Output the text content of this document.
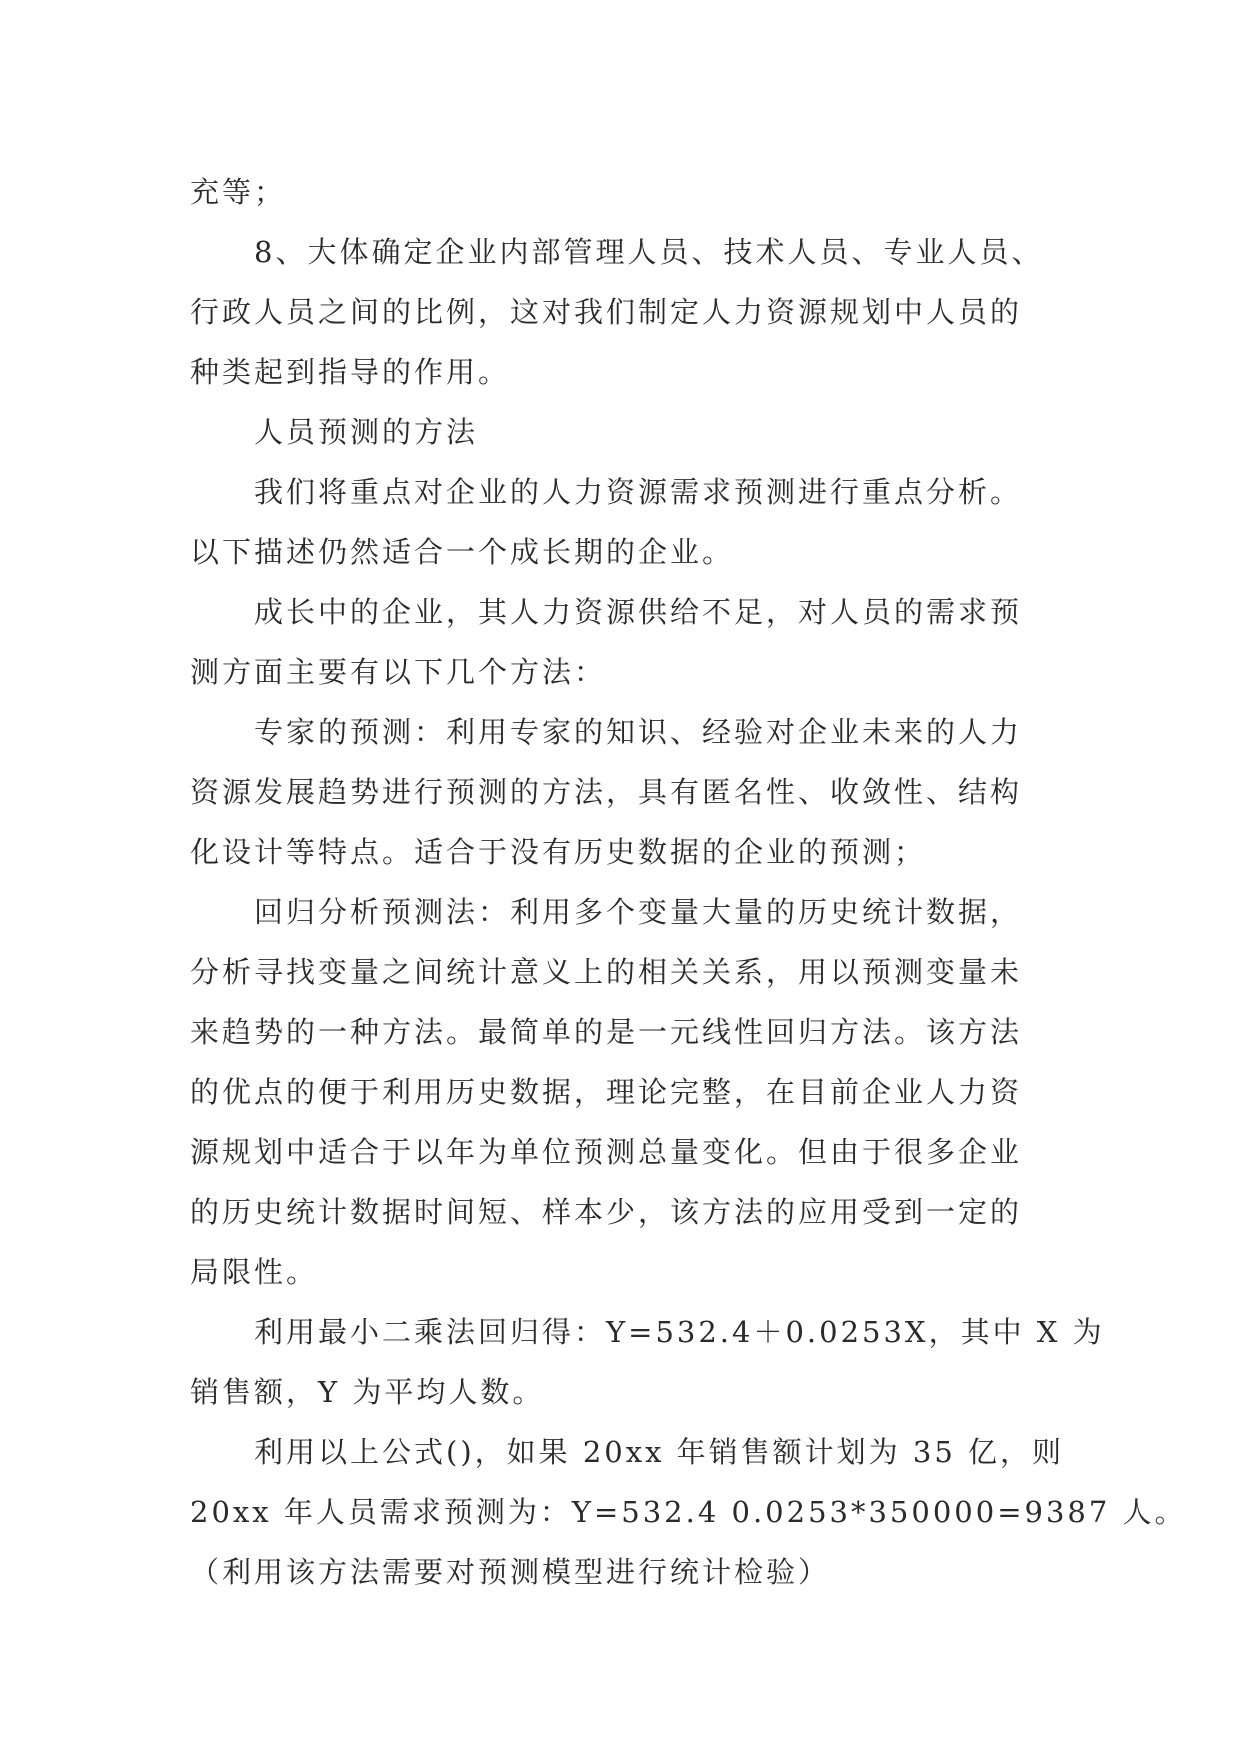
充等；
8、大体确定企业内部管理人员、技术人员、专业人员、
行政人员之间的比例，这对我们制定人力资源规划中人员的
种类起到指导的作用。
人员预测的方法
我们将重点对企业的人力资源需求预测进行重点分析。
以下描述仍然适合一个成长期的企业。
成长中的企业，其人力资源供给不足，对人员的需求预
测方面主要有以下几个方法：
专家的预测：利用专家的知识、经验对企业未来的人力
资源发展趋势进行预测的方法，具有匿名性、收敛性、结构
化设计等特点。适合于没有历史数据的企业的预测；
回归分析预测法：利用多个变量大量的历史统计数据，
分析寻找变量之间统计意义上的相关关系，用以预测变量未
来趋势的一种方法。最简单的是一元线性回归方法。该方法
的优点的便于利用历史数据，理论完整，在目前企业人力资
源规划中适合于以年为单位预测总量变化。但由于很多企业
的历史统计数据时间短、样本少，该方法的应用受到一定的
局限性。
利用最小二乘法回归得：Y=532.4＋0.0253X，其中 X 为
销售额，Y 为平均人数。
利用以上公式()，如果 20xx 年销售额计划为 35 亿，则
20xx 年人员需求预测为：Y=532.4 0.0253*350000=9387 人。
（利用该方法需要对预测模型进行统计检验）
